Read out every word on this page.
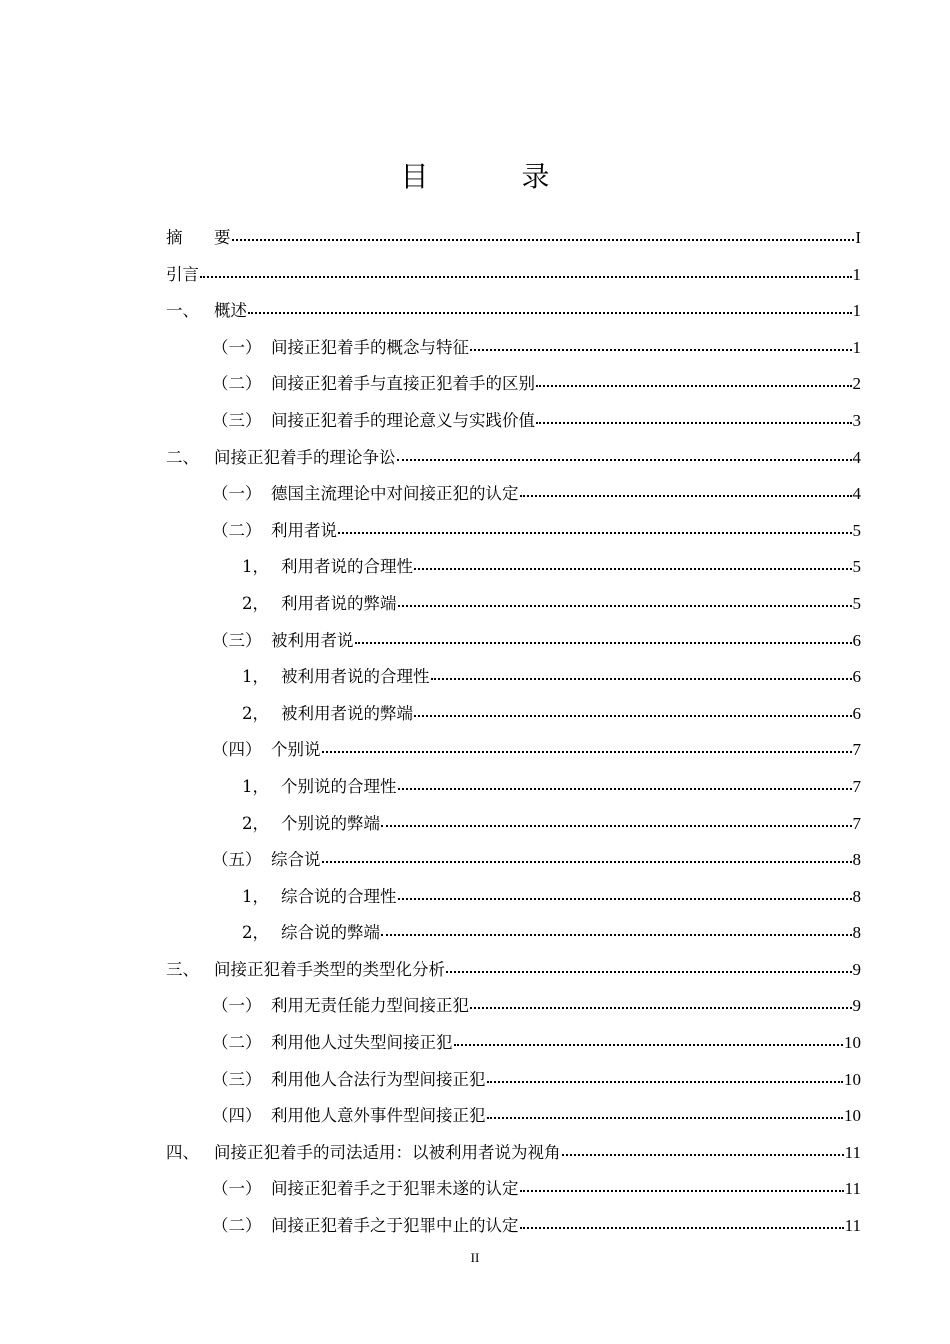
目 录
摘	要	I
引言	1
一、 概述	1
（一） 间接正犯着手的概念与特征	1
（二） 间接正犯着手与直接正犯着手的区别	2
（三） 间接正犯着手的理论意义与实践价值	3
二、 间接正犯着手的理论争讼	4
（一） 德国主流理论中对间接正犯的认定	4
（二） 利用者说	5
1， 利用者说的合理性	5
2， 利用者说的弊端	5
（三） 被利用者说	6
1， 被利用者说的合理性	6
2， 被利用者说的弊端	6
（四） 个别说	7
1， 个别说的合理性	7
2， 个别说的弊端	7
（五） 综合说	8
1， 综合说的合理性	8
2， 综合说的弊端	8
三、 间接正犯着手类型的类型化分析	9
（一） 利用无责任能力型间接正犯	9
（二） 利用他人过失型间接正犯	10
（三） 利用他人合法行为型间接正犯	10
（四） 利用他人意外事件型间接正犯	10
四、 间接正犯着手的司法适用：以被利用者说为视角	11
（一） 间接正犯着手之于犯罪未遂的认定	11
（二） 间接正犯着手之于犯罪中止的认定	11
II
